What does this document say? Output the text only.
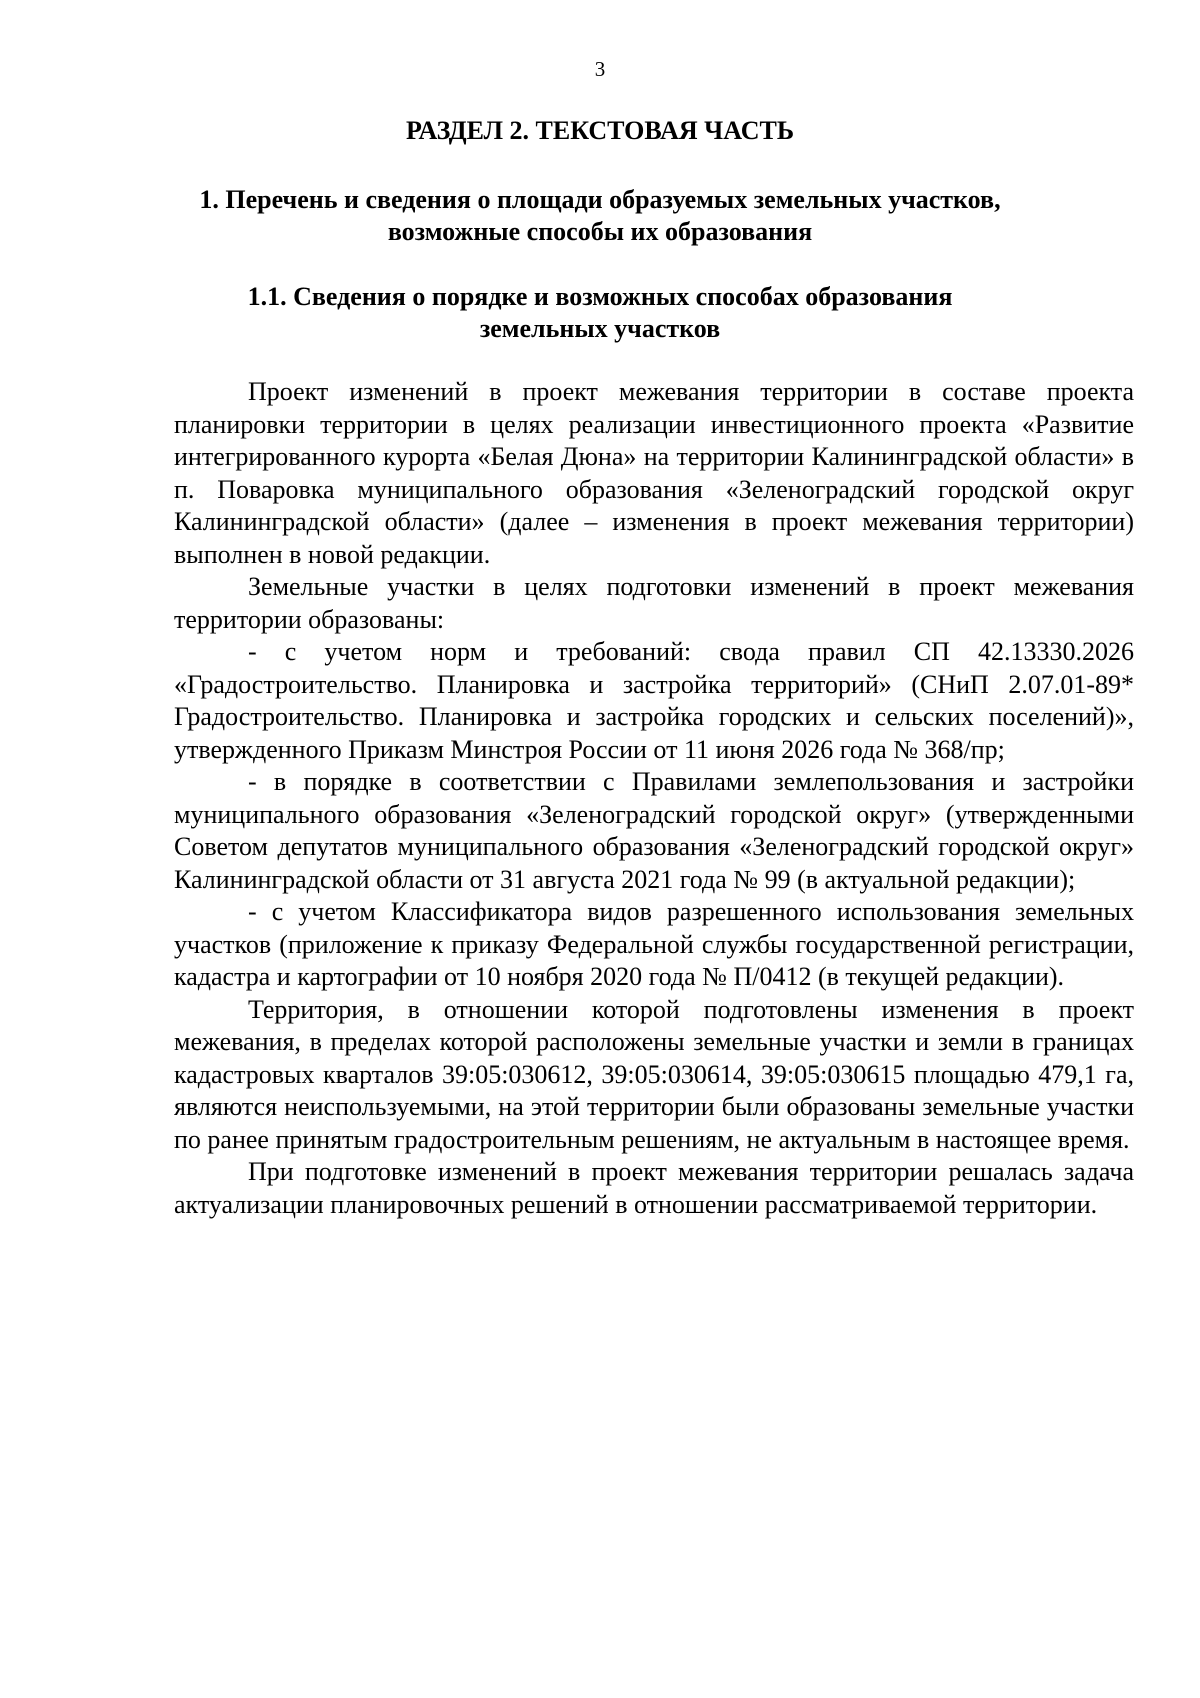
3
РАЗДЕЛ 2. ТЕКСТОВАЯ ЧАСТЬ
1. Перечень и сведения о площади образуемых земельных участков,
возможные способы их образования
1.1. Сведения о порядке и возможных способах образования
земельных участков

Проект изменений в проект межевания территории в составе проекта планировки территории в целях реализации инвестиционного проекта «Развитие интегрированного курорта «Белая Дюна» на территории Калининградской области» в п. Поваровка муниципального образования «Зеленоградский городской округ Калининградской области» (далее – изменения в проект межевания территории) выполнен в новой редакции.

Земельные участки в целях подготовки изменений в проект межевания территории образованы:

- с учетом норм и требований: свода правил СП 42.13330.2026 «Градостроительство. Планировка и застройка территорий» (СНиП 2.07.01-89* Градостроительство. Планировка и застройка городских и сельских поселений)», утвержденного Приказм Минстроя России от 11 июня 2026 года № 368/пр;

- в порядке в соответствии с Правилами землепользования и застройки муниципального образования «Зеленоградский городской округ» (утвержденными Советом депутатов муниципального образования «Зеленоградский городской округ» Калининградской области от 31 августа 2021 года № 99 (в актуальной редакции);

- с учетом Классификатора видов разрешенного использования земельных участков (приложение к приказу Федеральной службы государственной регистрации, кадастра и картографии от 10 ноября 2020 года № П/0412 (в текущей редакции).

Территория, в отношении которой подготовлены изменения в проект межевания, в пределах которой расположены земельные участки и земли в границах кадастровых кварталов 39:05:030612, 39:05:030614, 39:05:030615 площадью 479,1 га, являются неиспользуемыми, на этой территории были образованы земельные участки по ранее принятым градостроительным решениям, не актуальным в настоящее время.

При подготовке изменений в проект межевания территории решалась задача актуализации планировочных решений в отношении рассматриваемой территории.
